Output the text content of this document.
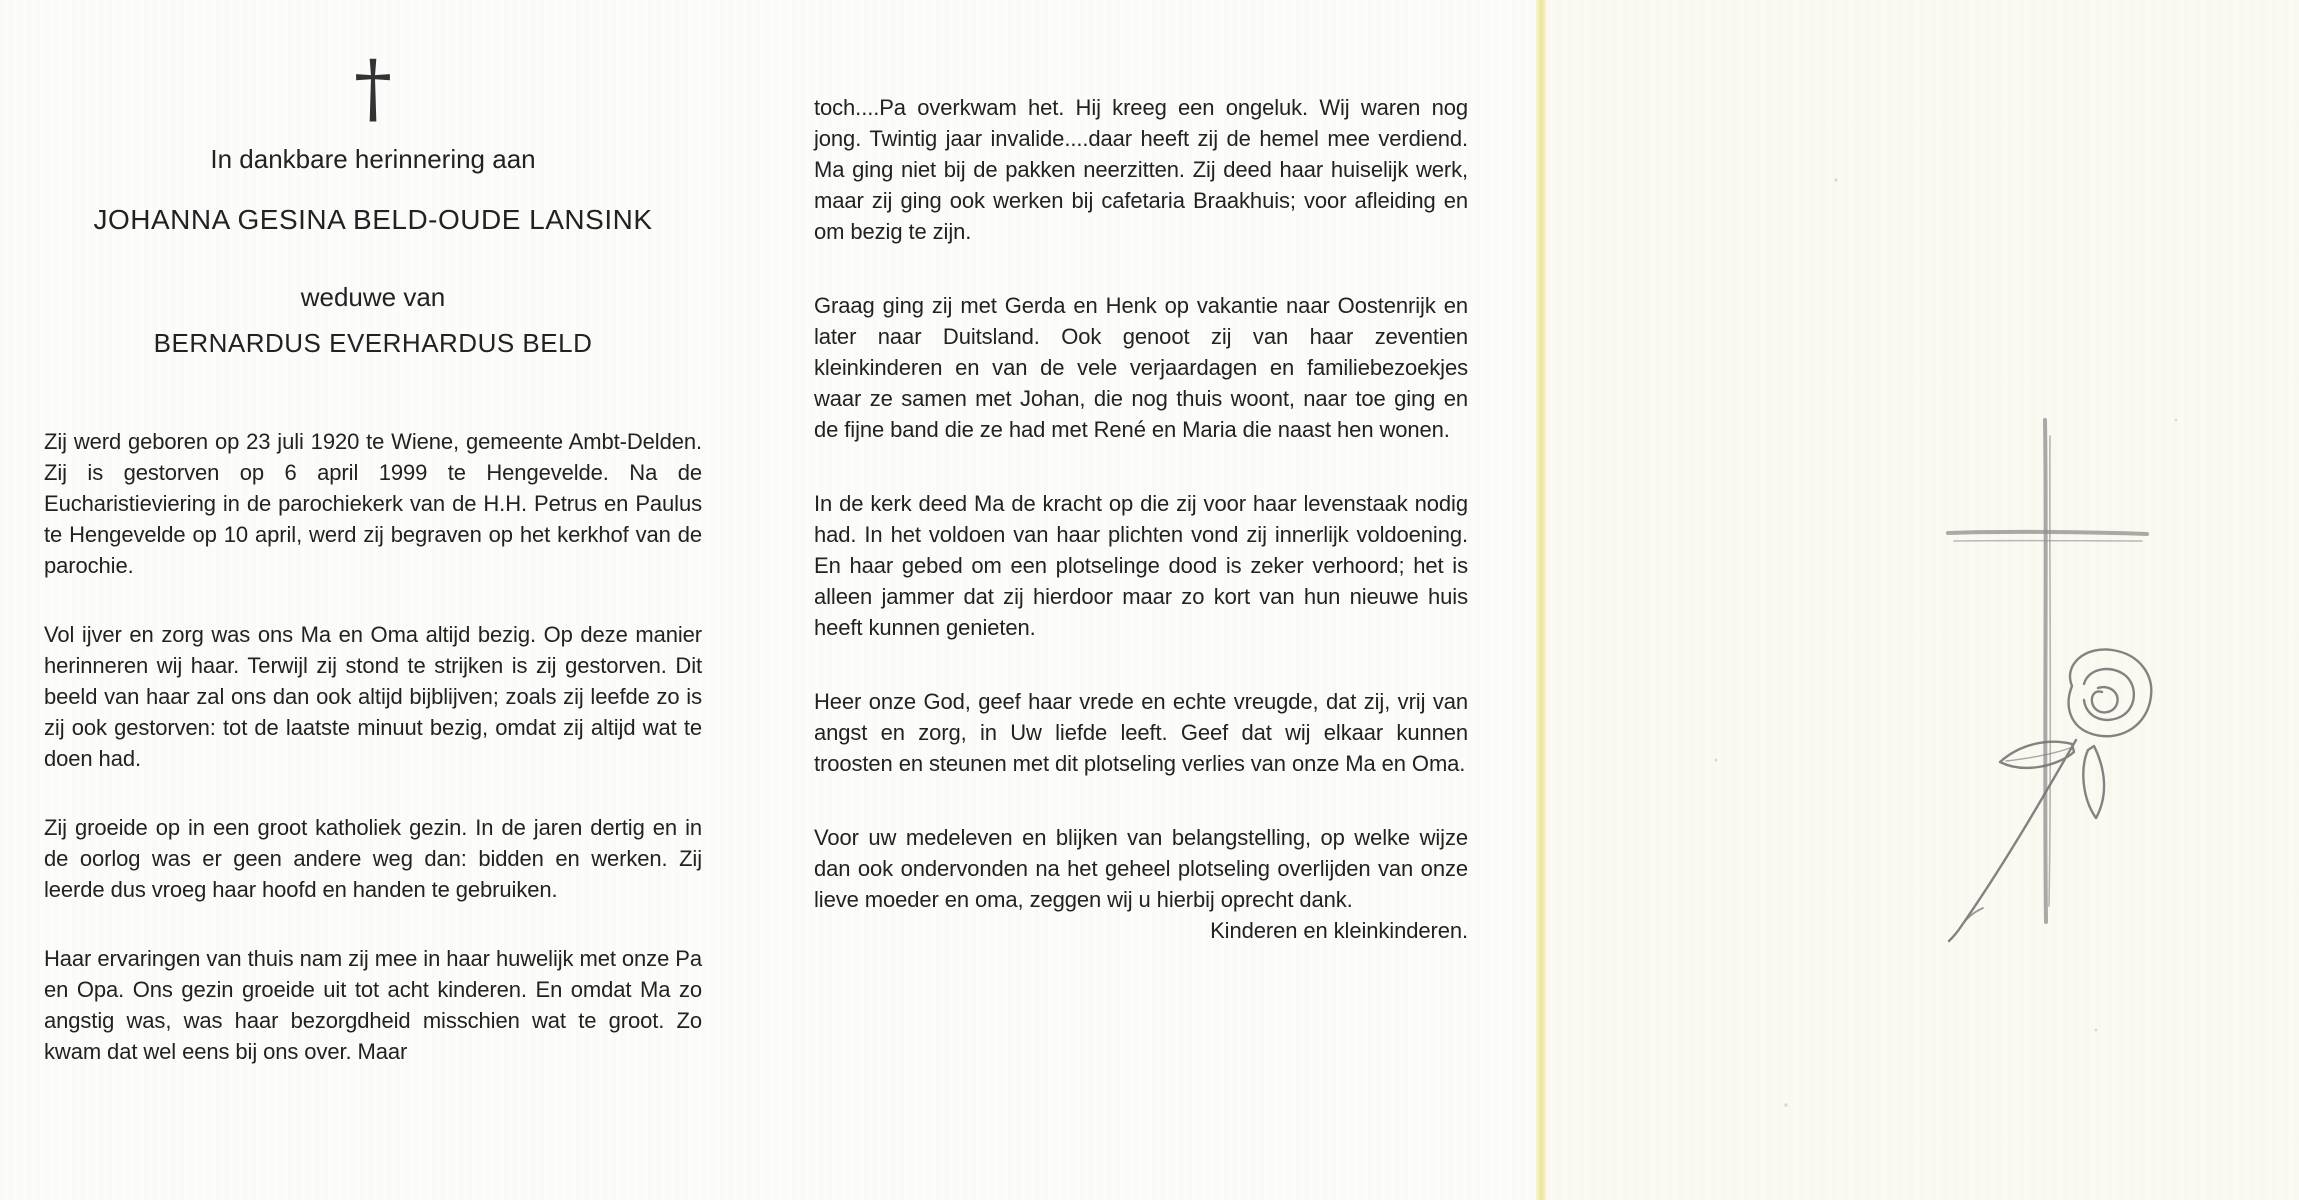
†

In dankbare herinnering aan

JOHANNA GESINA BELD-OUDE LANSINK

weduwe van

BERNARDUS EVERHARDUS BELD

Zij werd geboren op 23 juli 1920 te Wiene, gemeente Ambt-Delden. Zij is gestorven op 6 april 1999 te Hengevelde. Na de Eucharistieviering in de parochiekerk van de H.H. Petrus en Paulus te Hengevelde op 10 april, werd zij begraven op het kerkhof van de parochie.

Vol ijver en zorg was ons Ma en Oma altijd bezig. Op deze manier herinneren wij haar. Terwijl zij stond te strijken is zij gestorven. Dit beeld van haar zal ons dan ook altijd bijblijven; zoals zij leefde zo is zij ook gestorven: tot de laatste minuut bezig, omdat zij altijd wat te doen had.

Zij groeide op in een groot katholiek gezin. In de jaren dertig en in de oorlog was er geen andere weg dan: bidden en werken. Zij leerde dus vroeg haar hoofd en handen te gebruiken.

Haar ervaringen van thuis nam zij mee in haar huwelijk met onze Pa en Opa. Ons gezin groeide uit tot acht kinderen. En omdat Ma zo angstig was, was haar bezorgdheid misschien wat te groot. Zo kwam dat wel eens bij ons over. Maar

toch....Pa overkwam het. Hij kreeg een ongeluk. Wij waren nog jong. Twintig jaar invalide....daar heeft zij de hemel mee verdiend. Ma ging niet bij de pakken neerzitten. Zij deed haar huiselijk werk, maar zij ging ook werken bij cafetaria Braakhuis; voor afleiding en om bezig te zijn.

Graag ging zij met Gerda en Henk op vakantie naar Oostenrijk en later naar Duitsland. Ook genoot zij van haar zeventien kleinkinderen en van de vele verjaardagen en familiebezoekjes waar ze samen met Johan, die nog thuis woont, naar toe ging en de fijne band die ze had met René en Maria die naast hen wonen.

In de kerk deed Ma de kracht op die zij voor haar levenstaak nodig had. In het voldoen van haar plichten vond zij innerlijk voldoening. En haar gebed om een plotselinge dood is zeker verhoord; het is alleen jammer dat zij hierdoor maar zo kort van hun nieuwe huis heeft kunnen genieten.

Heer onze God, geef haar vrede en echte vreugde, dat zij, vrij van angst en zorg, in Uw liefde leeft. Geef dat wij elkaar kunnen troosten en steunen met dit plotseling verlies van onze Ma en Oma.

Voor uw medeleven en blijken van belangstelling, op welke wijze dan ook ondervonden na het geheel plotseling overlijden van onze lieve moeder en oma, zeggen wij u hierbij oprecht dank.

Kinderen en kleinkinderen.
